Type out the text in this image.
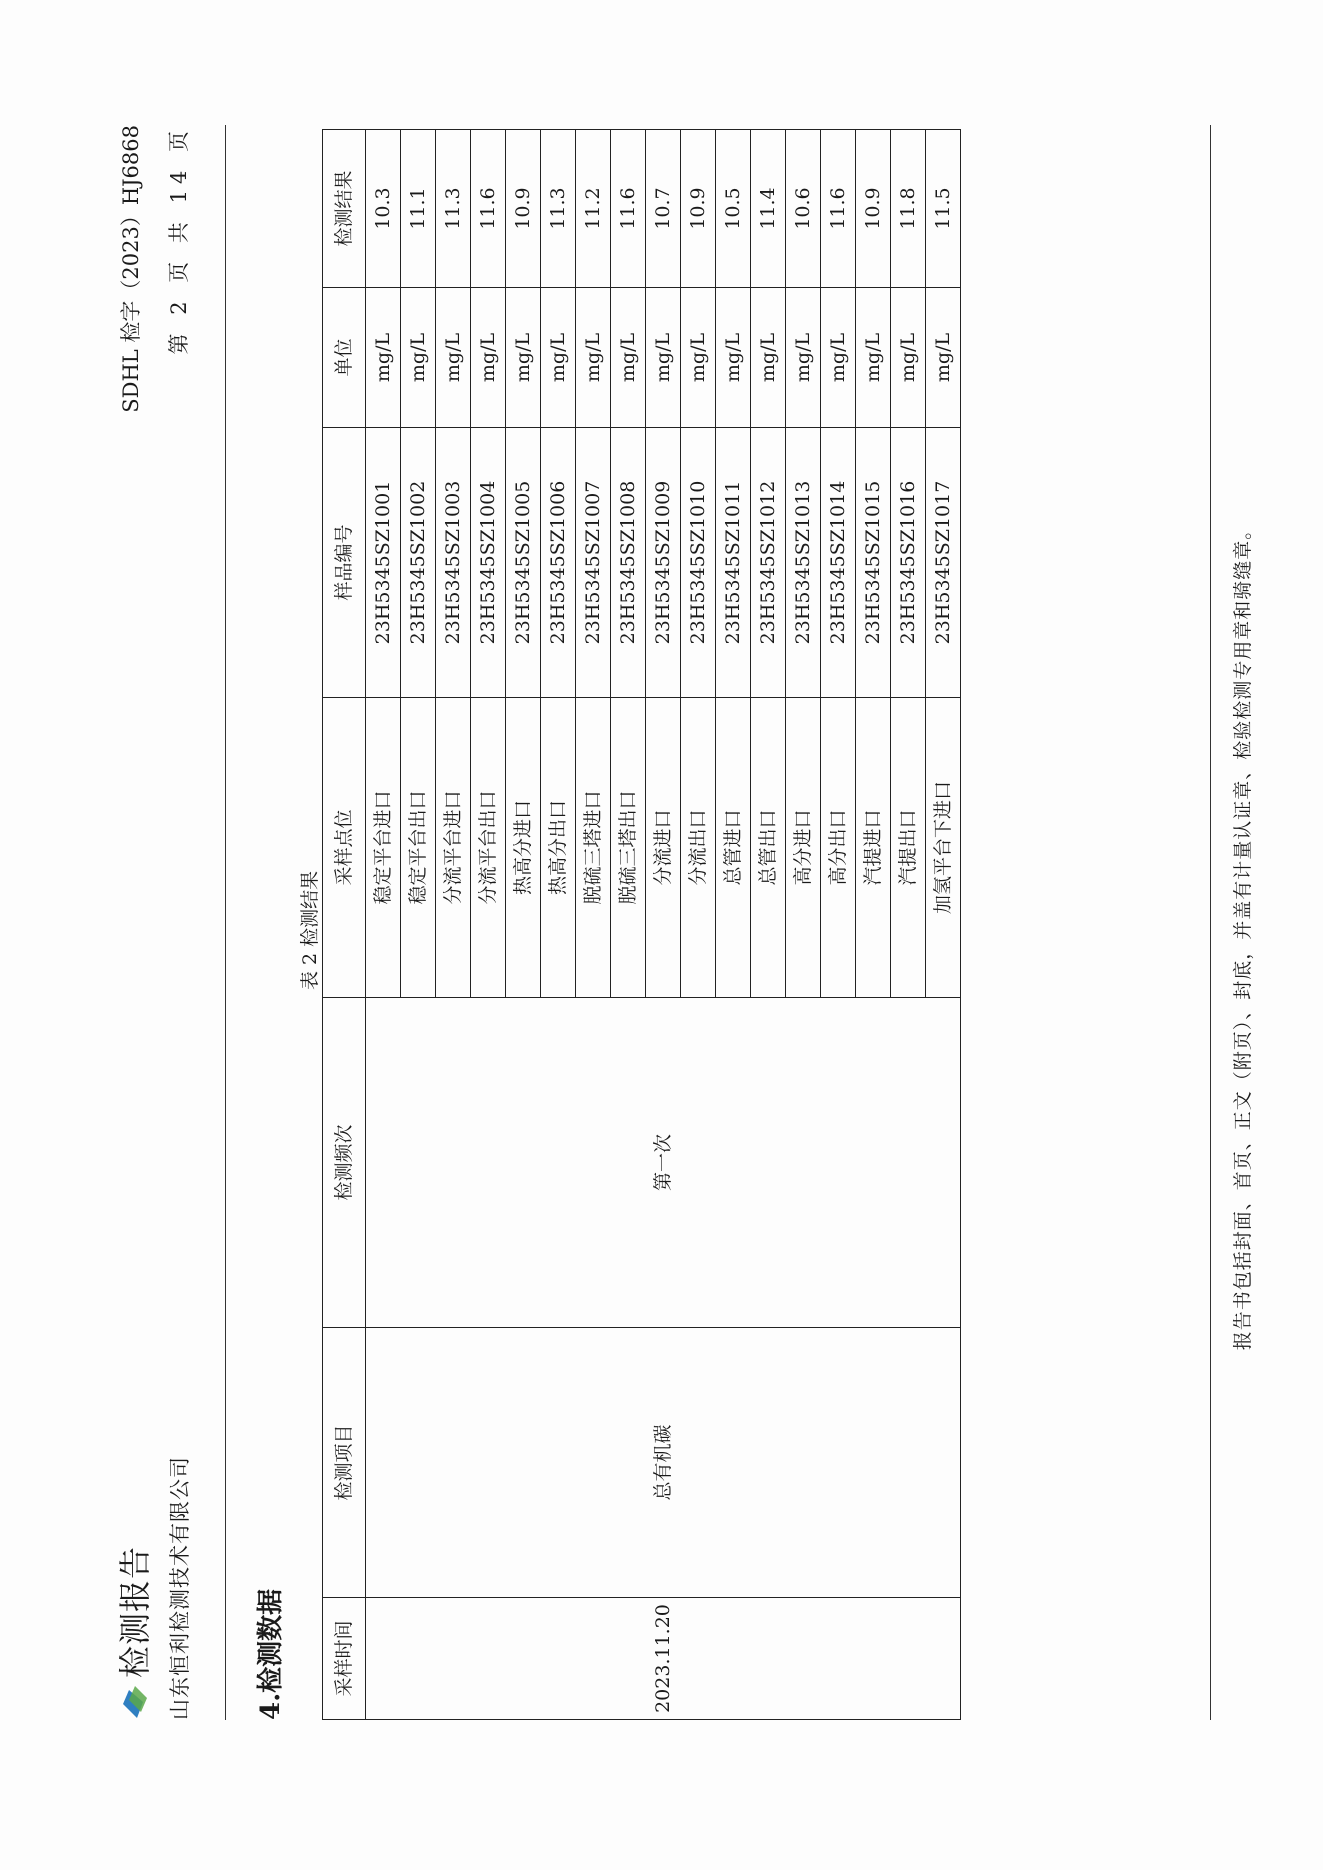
检测报告 山东恒利检测技术有限公司
SDHL 检字（2023）HJ6868 第 2 页 共 14 页
4.检测数据
表 2 检测结果
采样时间	检测项目	检测频次	采样点位	样品编号	单位	检测结果
2023.11.20	总有机碳	第一次	稳定平台进口	23H5345SZ1001	mg/L	10.3
			稳定平台出口	23H5345SZ1002	mg/L	11.1
			分流平台进口	23H5345SZ1003	mg/L	11.3
			分流平台出口	23H5345SZ1004	mg/L	11.6
			热高分进口	23H5345SZ1005	mg/L	10.9
			热高分出口	23H5345SZ1006	mg/L	11.3
			脱硫三塔进口	23H5345SZ1007	mg/L	11.2
			脱硫三塔出口	23H5345SZ1008	mg/L	11.6
			分流进口	23H5345SZ1009	mg/L	10.7
			分流出口	23H5345SZ1010	mg/L	10.9
			总管进口	23H5345SZ1011	mg/L	10.5
			总管出口	23H5345SZ1012	mg/L	11.4
			高分进口	23H5345SZ1013	mg/L	10.6
			高分出口	23H5345SZ1014	mg/L	11.6
			汽提进口	23H5345SZ1015	mg/L	10.9
			汽提出口	23H5345SZ1016	mg/L	11.8
			加氢平台下进口	23H5345SZ1017	mg/L	11.5
报告书包括封面、首页、正文（附页）、封底，并盖有计量认证章、检验检测专用章和骑缝章。
